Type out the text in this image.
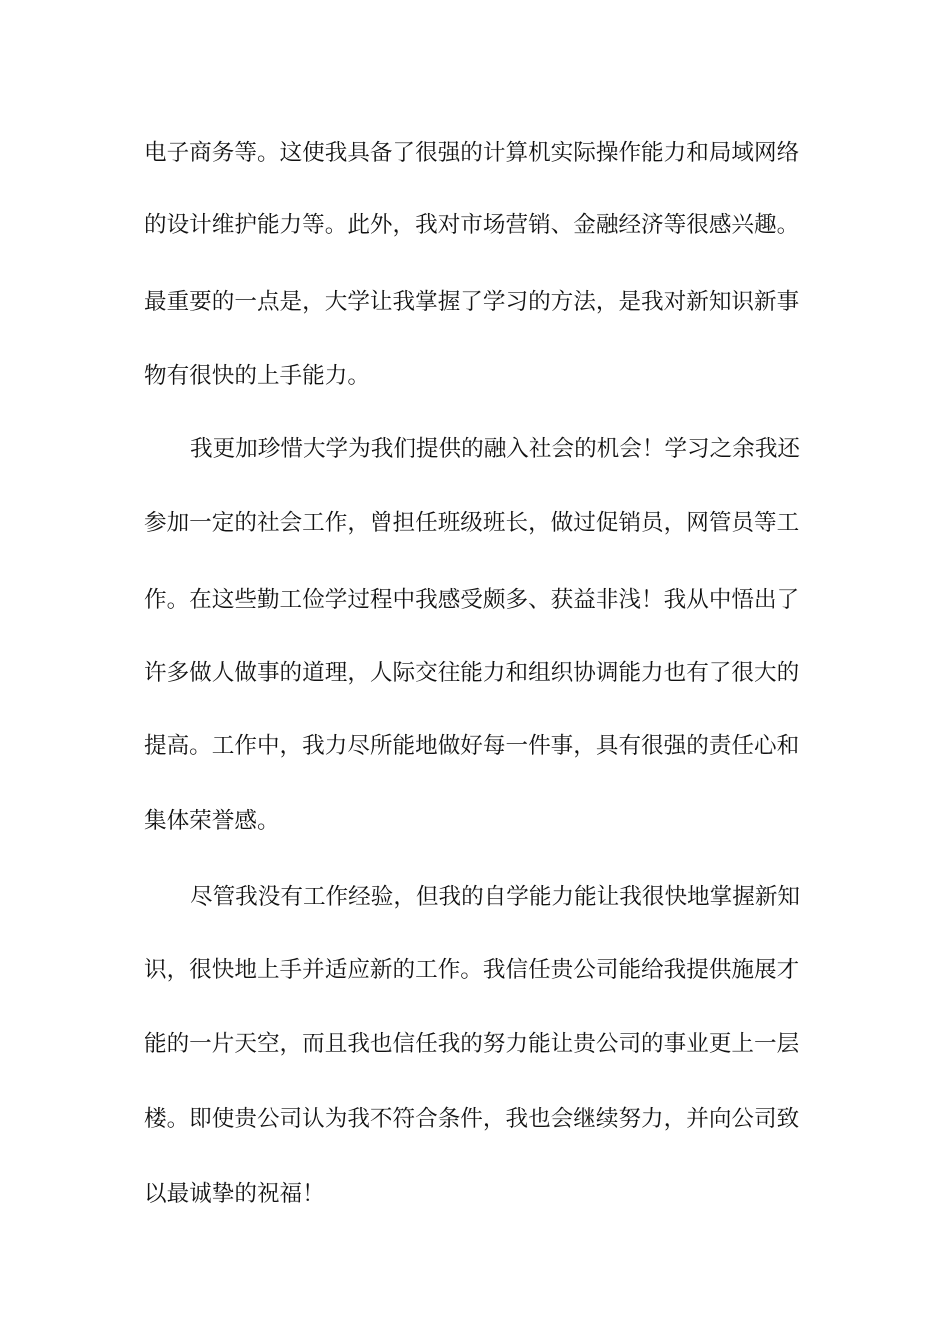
电子商务等。这使我具备了很强的计算机实际操作能力和局域网络
的设计维护能力等。此外，我对市场营销、金融经济等很感兴趣。
最重要的一点是，大学让我掌握了学习的方法，是我对新知识新事
物有很快的上手能力。
我更加珍惜大学为我们提供的融入社会的机会！学习之余我还
参加一定的社会工作，曾担任班级班长，做过促销员，网管员等工
作。在这些勤工俭学过程中我感受颇多、获益非浅！我从中悟出了
许多做人做事的道理，人际交往能力和组织协调能力也有了很大的
提高。工作中，我力尽所能地做好每一件事，具有很强的责任心和
集体荣誉感。
尽管我没有工作经验，但我的自学能力能让我很快地掌握新知
识，很快地上手并适应新的工作。我信任贵公司能给我提供施展才
能的一片天空，而且我也信任我的努力能让贵公司的事业更上一层
楼。即使贵公司认为我不符合条件，我也会继续努力，并向公司致
以最诚挚的祝福！
